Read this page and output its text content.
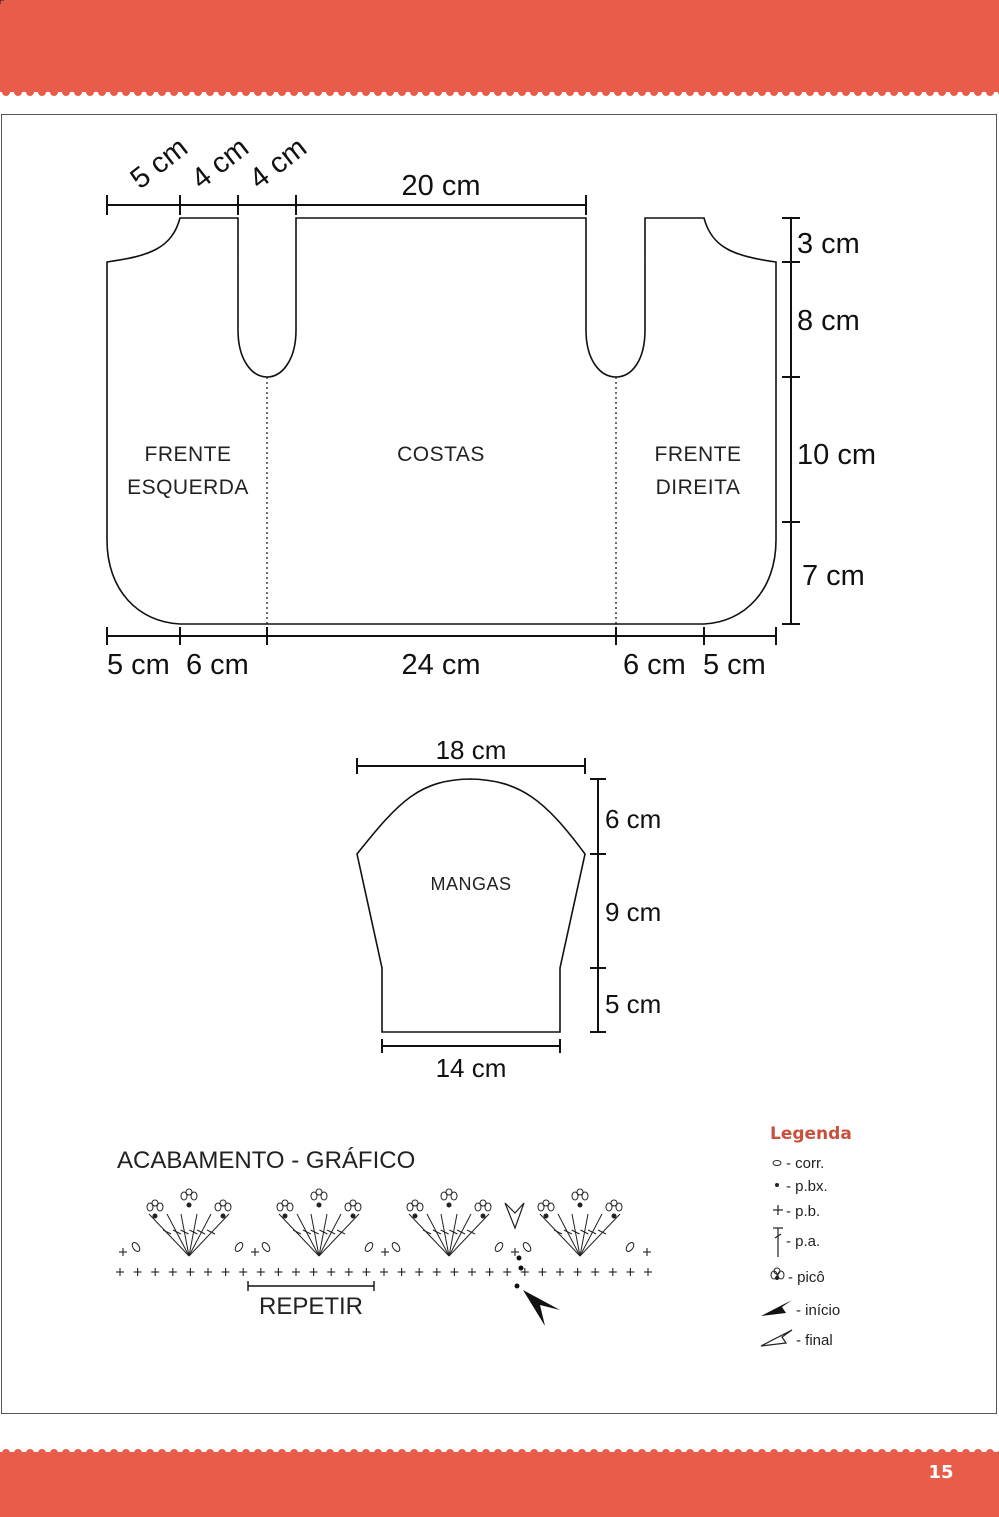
5 cm
4 cm
4 cm	20 cm
3 cm
8 cm
10 cm
7 cm
5 cm 6 cm	24 cm	6 cm 5 cm
FRENTE
ESQUERDA
COSTAS	FRENTE
DIREITA
18 cm
6 cm
9 cm
5 cm
14 cm
MANGAS
ACABAMENTO - GRÁFICO
REPETIR
Legenda
- corr.
- p.bx.
- p.b.
- p.a.
- picô
- início
- final
15
